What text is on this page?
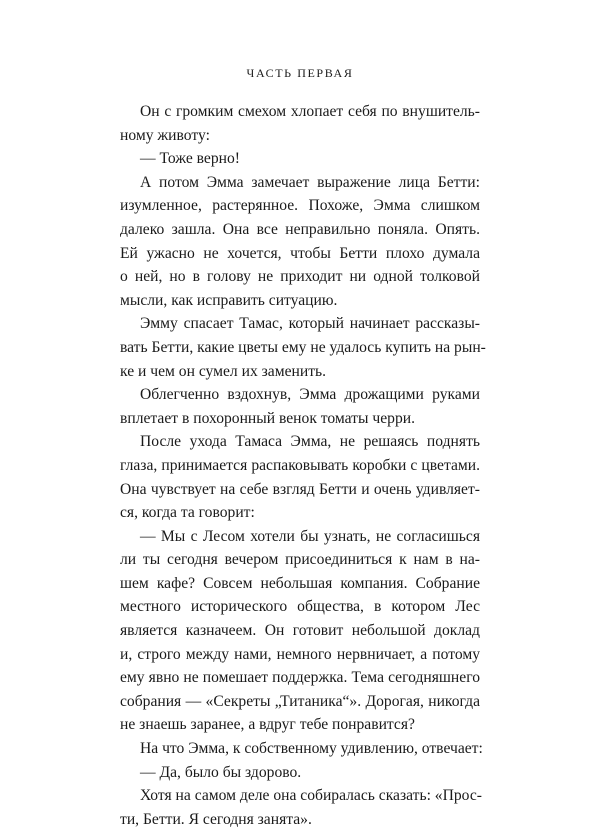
ЧАСТЬ ПЕРВАЯ
Он с громким смехом хлопает себя по внушитель-
ному животу:
— Тоже верно!
А потом Эмма замечает выражение лица Бетти:
изумленное, растерянное. Похоже, Эмма слишком
далеко зашла. Она все неправильно поняла. Опять.
Ей ужасно не хочется, чтобы Бетти плохо думала
о ней, но в голову не приходит ни одной толковой
мысли, как исправить ситуацию.
Эмму спасает Тамас, который начинает рассказы-
вать Бетти, какие цветы ему не удалось купить на рын-
ке и чем он сумел их заменить.
Облегченно вздохнув, Эмма дрожащими руками
вплетает в похоронный венок томаты черри.
После ухода Тамаса Эмма, не решаясь поднять
глаза, принимается распаковывать коробки с цветами.
Она чувствует на себе взгляд Бетти и очень удивляет-
ся, когда та говорит:
— Мы с Лесом хотели бы узнать, не согласишься
ли ты сегодня вечером присоединиться к нам в на-
шем кафе? Совсем небольшая компания. Собрание
местного исторического общества, в котором Лес
является казначеем. Он готовит небольшой доклад
и, строго между нами, немного нервничает, а потому
ему явно не помешает поддержка. Тема сегодняшнего
собрания — «Секреты „Титаника“». Дорогая, никогда
не знаешь заранее, а вдруг тебе понравится?
На что Эмма, к собственному удивлению, отвечает:
— Да, было бы здорово.
Хотя на самом деле она собиралась сказать: «Прос-
ти, Бетти. Я сегодня занята».
